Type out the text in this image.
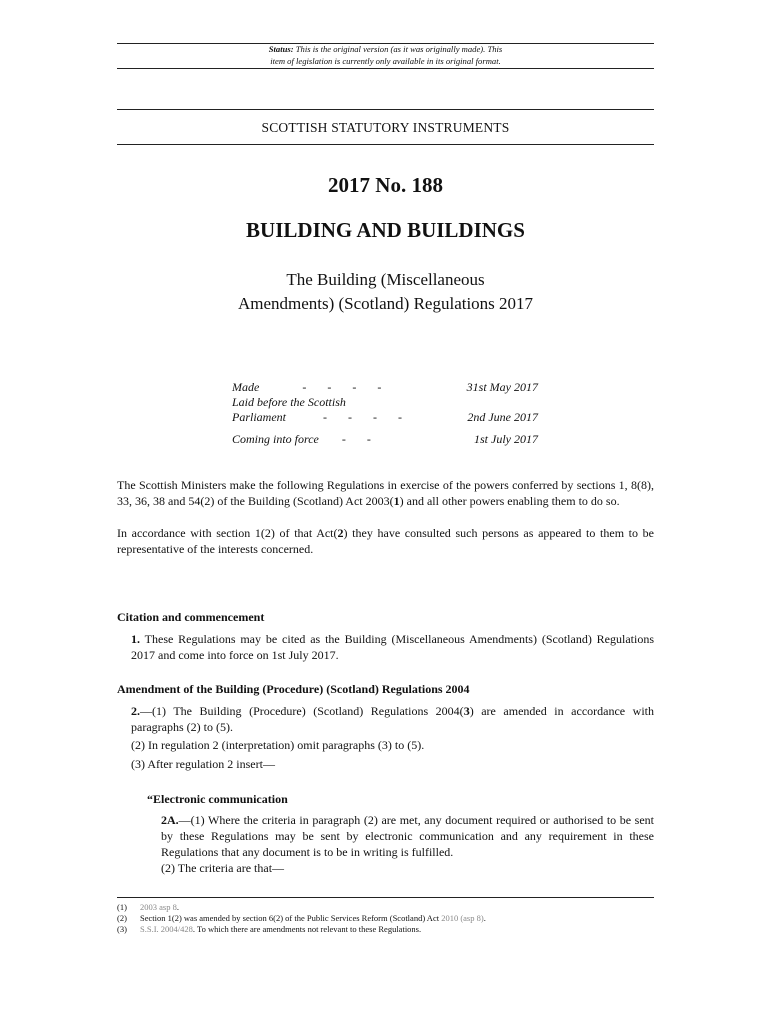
Status: This is the original version (as it was originally made). This
item of legislation is currently only available in its original format.
SCOTTISH STATUTORY INSTRUMENTS
2017 No. 188
BUILDING AND BUILDINGS
The Building (Miscellaneous
Amendments) (Scotland) Regulations 2017
Made	-       -       -       -	31st May 2017
Laid before the Scottish
Parliament	-       -       -       -	2nd June 2017
Coming into force -       -	1st July 2017
The Scottish Ministers make the following Regulations in exercise of the powers conferred by sections 1, 8(8), 33, 36, 38 and 54(2) of the Building (Scotland) Act 2003(1) and all other powers enabling them to do so.
In accordance with section 1(2) of that Act(2) they have consulted such persons as appeared to them to be representative of the interests concerned.
Citation and commencement
1. These Regulations may be cited as the Building (Miscellaneous Amendments) (Scotland) Regulations 2017 and come into force on 1st July 2017.
Amendment of the Building (Procedure) (Scotland) Regulations 2004
2.—(1) The Building (Procedure) (Scotland) Regulations 2004(3) are amended in accordance with paragraphs (2) to (5).
(2) In regulation 2 (interpretation) omit paragraphs (3) to (5).
(3) After regulation 2 insert—
“Electronic communication
2A.—(1) Where the criteria in paragraph (2) are met, any document required or authorised to be sent by these Regulations may be sent by electronic communication and any requirement in these Regulations that any document is to be in writing is fulfilled.
(2) The criteria are that—
(1) 2003 asp 8.
(2) Section 1(2) was amended by section 6(2) of the Public Services Reform (Scotland) Act 2010 (asp 8).
(3) S.S.I. 2004/428. To which there are amendments not relevant to these Regulations.
